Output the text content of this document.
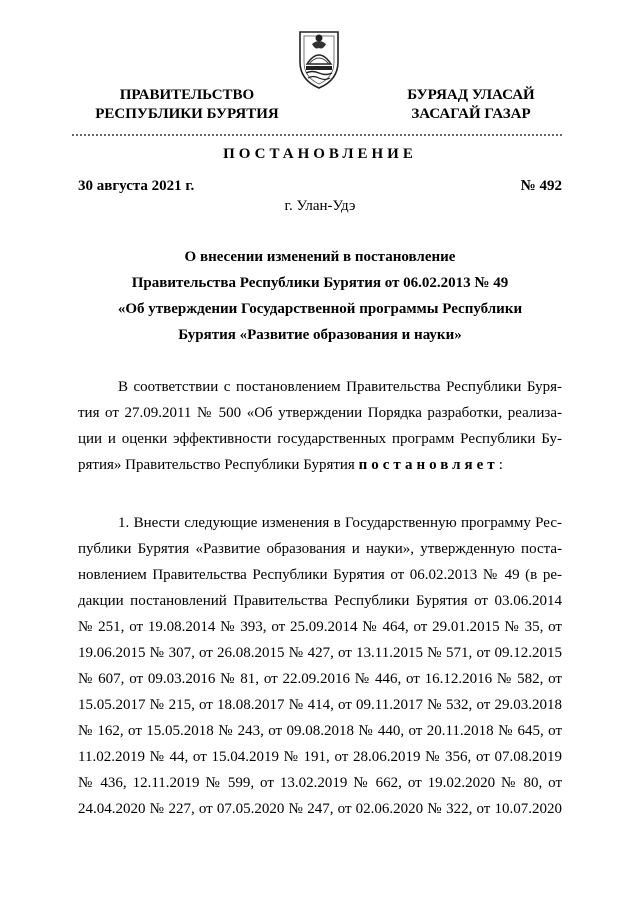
ПРАВИТЕЛЬСТВО
РЕСПУБЛИКИ БУРЯТИЯ
БУРЯАД УЛАСАЙ
ЗАСАГАЙ ГАЗАР
ПОСТАНОВЛЕНИЕ
30 августа 2021 г.	№ 492
г. Улан-Удэ
О внесении изменений в постановление
Правительства Республики Бурятия от 06.02.2013 № 49
«Об утверждении Государственной программы Республики
Бурятия «Развитие образования и науки»
В соответствии с постановлением Правительства Республики Буря-
тия от 27.09.2011 № 500 «Об утверждении Порядка разработки, реализа-
ции и оценки эффективности государственных программ Республики Бу-
рятия» Правительство Республики Бурятия постановляет:
1. Внести следующие изменения в Государственную программу Рес-
публики Бурятия «Развитие образования и науки», утвержденную поста-
новлением Правительства Республики Бурятия от 06.02.2013 № 49 (в ре-
дакции постановлений Правительства Республики Бурятия от 03.06.2014
№ 251, от 19.08.2014 № 393, от 25.09.2014 № 464, от 29.01.2015 № 35, от
19.06.2015 № 307, от 26.08.2015 № 427, от 13.11.2015 № 571, от 09.12.2015
№ 607, от 09.03.2016 № 81, от 22.09.2016 № 446, от 16.12.2016 № 582, от
15.05.2017 № 215, от 18.08.2017 № 414, от 09.11.2017 № 532, от 29.03.2018
№ 162, от 15.05.2018 № 243, от 09.08.2018 № 440, от 20.11.2018 № 645, от
11.02.2019 № 44, от 15.04.2019 № 191, от 28.06.2019 № 356, от 07.08.2019
№ 436, 12.11.2019 № 599, от 13.02.2019 № 662, от 19.02.2020 № 80, от
24.04.2020 № 227, от 07.05.2020 № 247, от 02.06.2020 № 322, от 10.07.2020
